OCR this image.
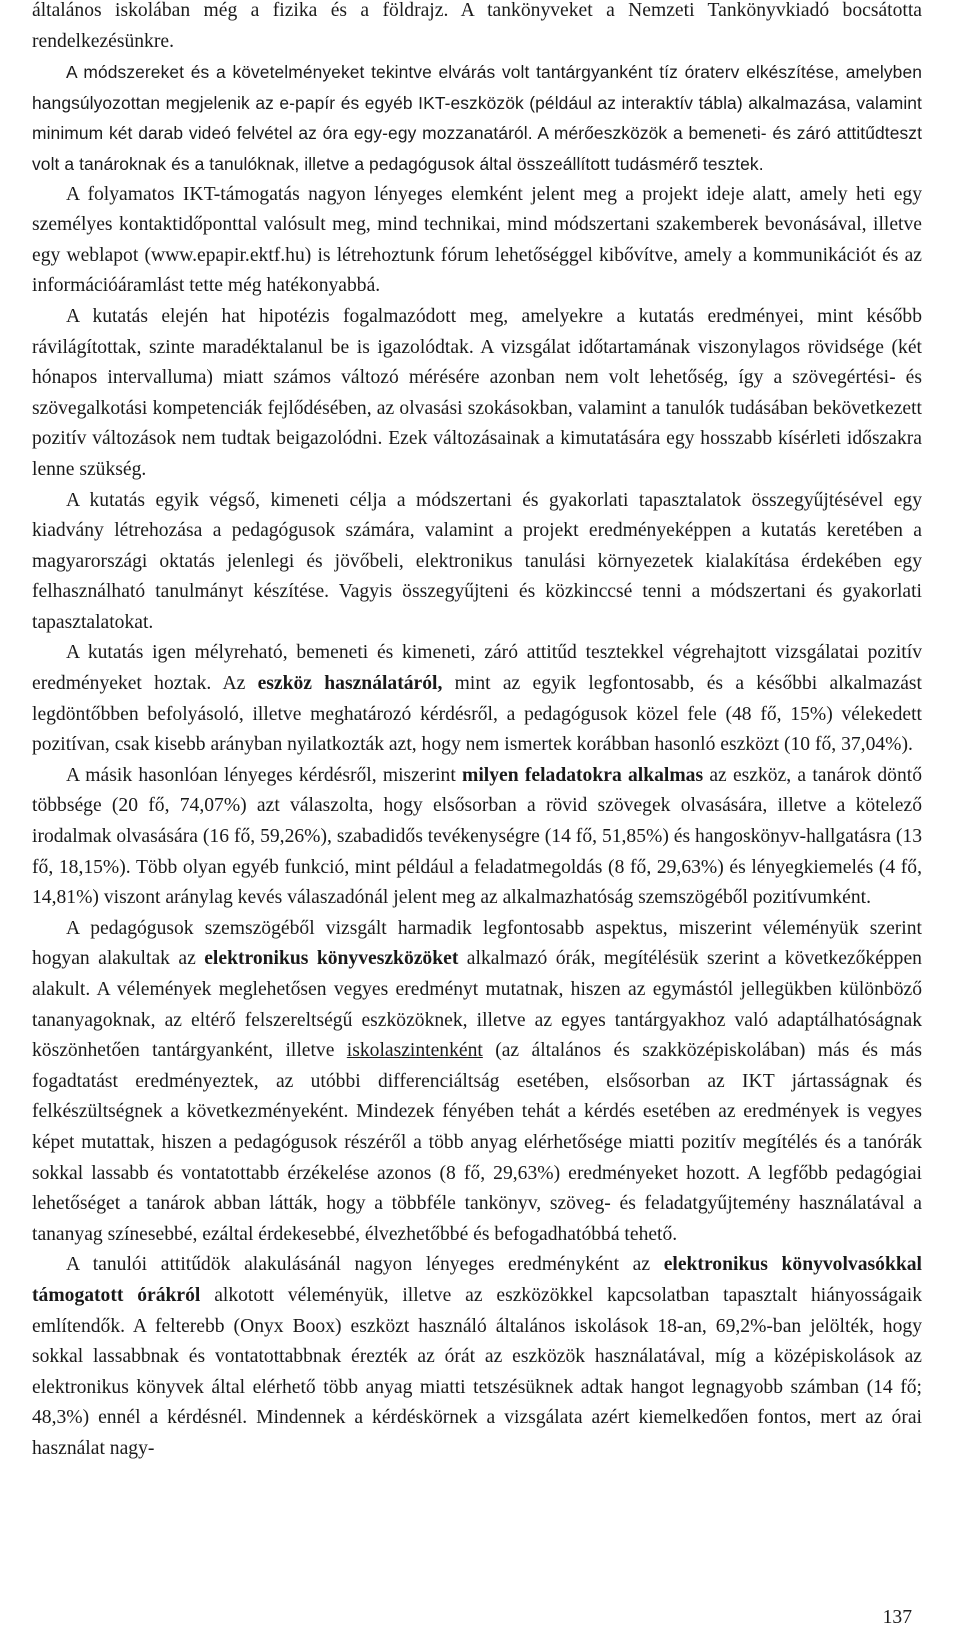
általános iskolában még a fizika és a földrajz. A tankönyveket a Nemzeti Tankönyvkiadó bocsátotta rendelkezésünkre.

A módszereket és a követelményeket tekintve elvárás volt tantárgyanként tíz óraterv elkészítése, amelyben hangsúlyozottan megjelenik az e-papír és egyéb IKT-eszközök (például az interaktív tábla) alkalmazása, valamint minimum két darab videó felvétel az óra egy-egy mozzanatáról. A mérőeszközök a bemeneti- és záró attitűdteszt volt a tanároknak és a tanulóknak, illetve a pedagógusok által összeállított tudásmérő tesztek.

A folyamatos IKT-támogatás nagyon lényeges elemként jelent meg a projekt ideje alatt, amely heti egy személyes kontaktidőponttal valósult meg, mind technikai, mind módszertani szakemberek bevonásával, illetve egy weblapot (www.epapir.ektf.hu) is létrehoztunk fórum lehetőséggel kibővítve, amely a kommunikációt és az információáramlást tette még hatékonyabbá.

A kutatás elején hat hipotézis fogalmazódott meg, amelyekre a kutatás eredményei, mint később rávilágítottak, szinte maradéktalanul be is igazolódtak. A vizsgálat időtartamának viszonylagos rövidsége (két hónapos intervalluma) miatt számos változó mérésére azonban nem volt lehetőség, így a szövegértési- és szövegalkotási kompetenciák fejlődésében, az olvasási szokásokban, valamint a tanulók tudásában bekövetkezett pozitív változások nem tudtak beigazolódni. Ezek változásainak a kimutatására egy hosszabb kísérleti időszakra lenne szükség.

A kutatás egyik végső, kimeneti célja a módszertani és gyakorlati tapasztalatok összegyűjtésével egy kiadvány létrehozása a pedagógusok számára, valamint a projekt eredményeképpen a kutatás keretében a magyarországi oktatás jelenlegi és jövőbeli, elektronikus tanulási környezetek kialakítása érdekében egy felhasználható tanulmányt készítése. Vagyis összegyűjteni és közkinccsé tenni a módszertani és gyakorlati tapasztalatokat.

A kutatás igen mélyreható, bemeneti és kimeneti, záró attitűd tesztekkel végrehajtott vizsgálatai pozitív eredményeket hoztak. Az eszköz használatáról, mint az egyik legfontosabb, és a későbbi alkalmazást legdöntőbben befolyásoló, illetve meghatározó kérdésről, a pedagógusok közel fele (48 fő, 15%) vélekedett pozitívan, csak kisebb arányban nyilatkozták azt, hogy nem ismertek korábban hasonló eszközt (10 fő, 37,04%).

A másik hasonlóan lényeges kérdésről, miszerint milyen feladatokra alkalmas az eszköz, a tanárok döntő többsége (20 fő, 74,07%) azt válaszolta, hogy elsősorban a rövid szövegek olvasására, illetve a kötelező irodalmak olvasására (16 fő, 59,26%), szabadidős tevékenységre (14 fő, 51,85%) és hangoskönyv-hallgatásra (13 fő, 18,15%). Több olyan egyéb funkció, mint például a feladatmegoldás (8 fő, 29,63%) és lényegkiemelés (4 fő, 14,81%) viszont aránylag kevés válaszadónál jelent meg az alkalmazhatóság szemszögéből pozitívumként.

A pedagógusok szemszögéből vizsgált harmadik legfontosabb aspektus, miszerint véleményük szerint hogyan alakultak az elektronikus könyveszközöket alkalmazó órák, megítélésük szerint a következőképpen alakult. A vélemények meglehetősen vegyes eredményt mutatnak, hiszen az egymástól jellegükben különböző tananyagoknak, az eltérő felszereltségű eszközöknek, illetve az egyes tantárgyakhoz való adaptálhatóságnak köszönhetően tantárgyanként, illetve iskolaszintenként (az általános és szakközépiskolában) más és más fogadtatást eredményeztek, az utóbbi differenciáltság esetében, elsősorban az IKT jártasságnak és felkészültségnek a következményeként. Mindezek fényében tehát a kérdés esetében az eredmények is vegyes képet mutattak, hiszen a pedagógusok részéről a több anyag elérhetősége miatti pozitív megítélés és a tanórák sokkal lassabb és vontatottabb érzékelése azonos (8 fő, 29,63%) eredményeket hozott. A legfőbb pedagógiai lehetőséget a tanárok abban látták, hogy a többféle tankönyv, szöveg- és feladatgyűjtemény használatával a tananyag színesebbé, ezáltal érdekesebbé, élvezhetőbbé és befogadhatóbbá tehető.

A tanulói attitűdök alakulásánál nagyon lényeges eredményként az elektronikus könyvolvasókkal támogatott órákról alkotott véleményük, illetve az eszközökkel kapcsolatban tapasztalt hiányosságaik említendők. A felterebb (Onyx Boox) eszközt használó általános iskolások 18-an, 69,2%-ban jelölték, hogy sokkal lassabbnak és vontatottabbnak érezték az órát az eszközök használatával, míg a középiskolások az elektronikus könyvek által elérhető több anyag miatti tetszésüknek adtak hangot legnagyobb számban (14 fő; 48,3%) ennél a kérdésnél. Mindennek a kérdéskörnek a vizsgálata azért kiemelkedően fontos, mert az órai használat nagy-

137
